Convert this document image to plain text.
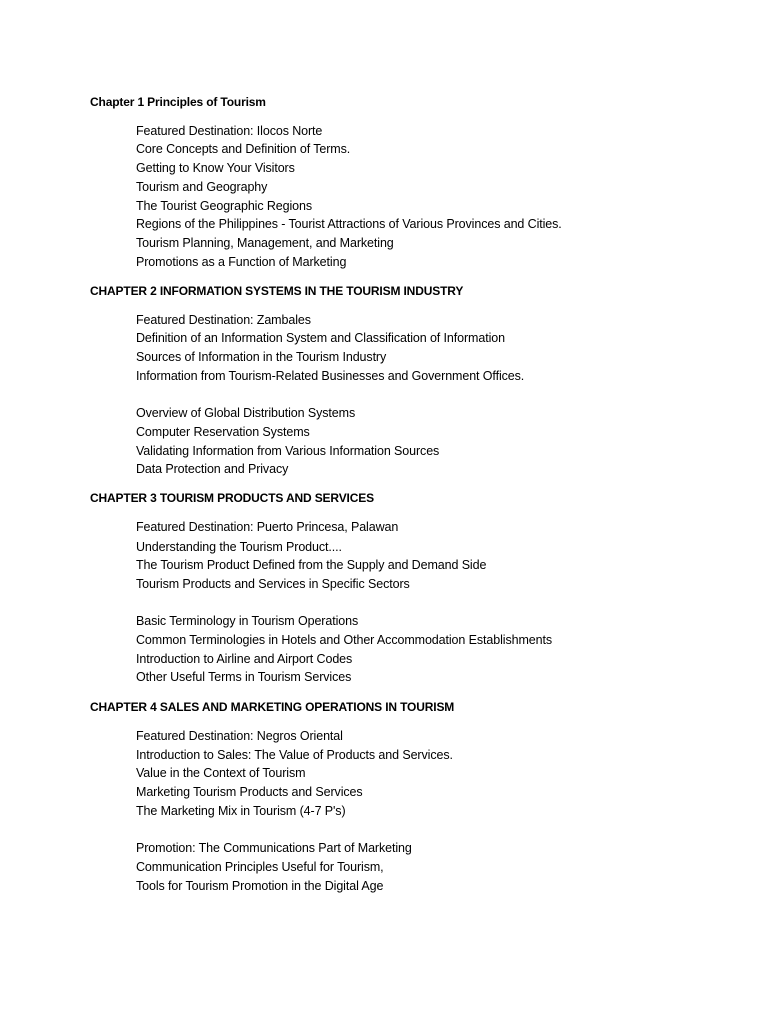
Chapter 1 Principles of Tourism
Featured Destination: Ilocos Norte
Core Concepts and Definition of Terms.
Getting to Know Your Visitors
Tourism and Geography
The Tourist Geographic Regions
Regions of the Philippines - Tourist Attractions of Various Provinces and Cities.
Tourism Planning, Management, and Marketing
Promotions as a Function of Marketing
CHAPTER 2 INFORMATION SYSTEMS IN THE TOURISM INDUSTRY
Featured Destination: Zambales
Definition of an Information System and Classification of Information
Sources of Information in the Tourism Industry
Information from Tourism-Related Businesses and Government Offices.
Overview of Global Distribution Systems
Computer Reservation Systems
Validating Information from Various Information Sources
Data Protection and Privacy
CHAPTER 3 TOURISM PRODUCTS AND SERVICES
Featured Destination: Puerto Princesa, Palawan
Understanding the Tourism Product....
The Tourism Product Defined from the Supply and Demand Side
Tourism Products and Services in Specific Sectors
Basic Terminology in Tourism Operations
Common Terminologies in Hotels and Other Accommodation Establishments
Introduction to Airline and Airport Codes
Other Useful Terms in Tourism Services
CHAPTER 4 SALES AND MARKETING OPERATIONS IN TOURISM
Featured Destination: Negros Oriental
Introduction to Sales: The Value of Products and Services.
Value in the Context of Tourism
Marketing Tourism Products and Services
The Marketing Mix in Tourism (4-7 P's)
Promotion: The Communications Part of Marketing
Communication Principles Useful for Tourism,
Tools for Tourism Promotion in the Digital Age
